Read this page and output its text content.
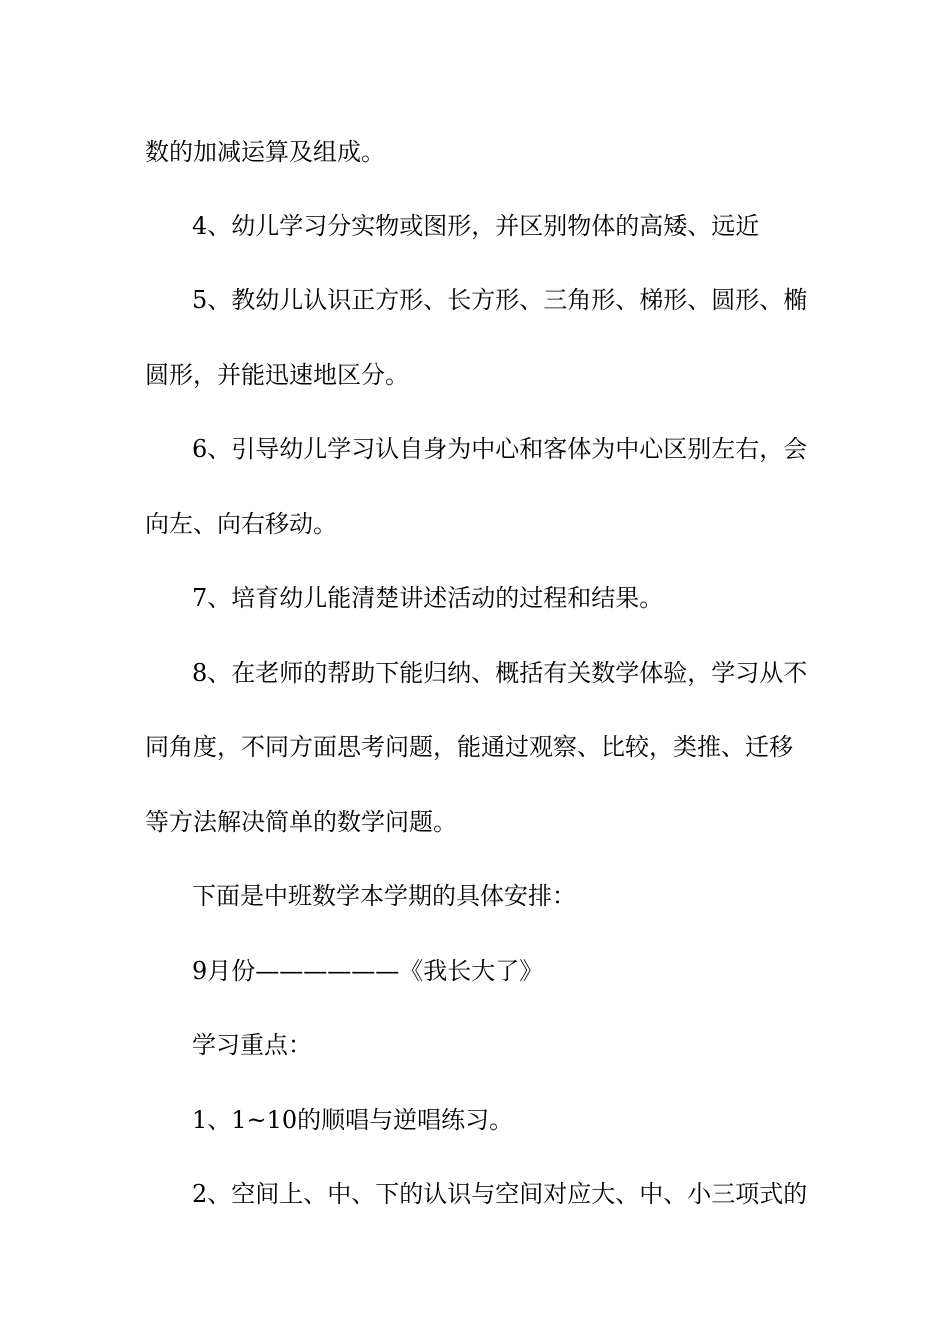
数的加减运算及组成。
4、幼儿学习分实物或图形，并区别物体的高矮、远近
5、教幼儿认识正方形、长方形、三角形、梯形、圆形、椭
圆形，并能迅速地区分。
6、引导幼儿学习认自身为中心和客体为中心区别左右，会
向左、向右移动。
7、培育幼儿能清楚讲述活动的过程和结果。
8、在老师的帮助下能归纳、概括有关数学体验，学习从不
同角度，不同方面思考问题，能通过观察、比较，类推、迁移
等方法解决简单的数学问题。
下面是中班数学本学期的具体安排：
9月份——————《我长大了》
学习重点：
1、1~10的顺唱与逆唱练习。
2、空间上、中、下的认识与空间对应大、中、小三项式的
